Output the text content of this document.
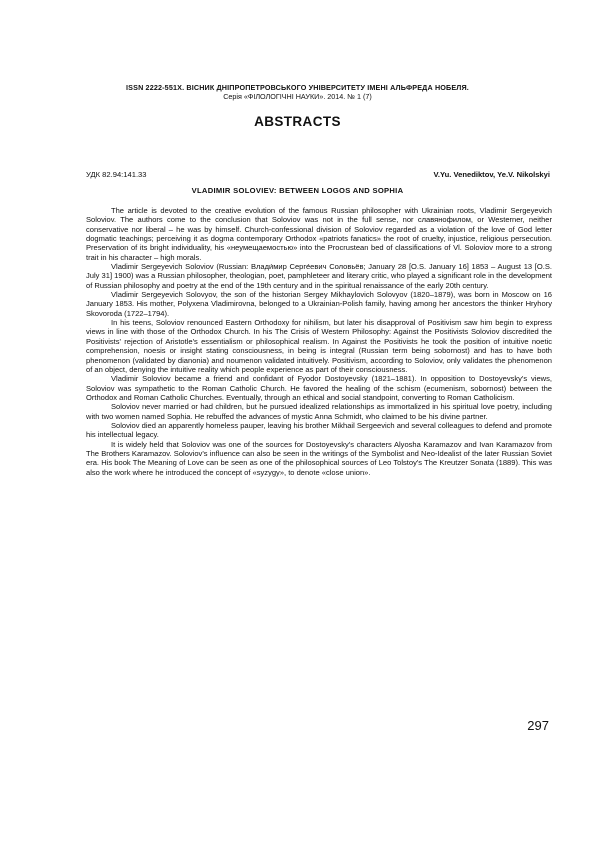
ISSN 2222-551X. ВІСНИК ДНІПРОПЕТРОВСЬКОГО УНІВЕРСИТЕТУ ІМЕНІ АЛЬФРЕДА НОБЕЛЯ.
Серія «ФІЛОЛОГІЧНІ НАУКИ». 2014. № 1 (7)
ABSTRACTS
УДК 82.94:141.33	V.Yu. Venediktov, Ye.V. Nikolskyi
VLADIMIR SOLOVIEV: BETWEEN LOGOS AND SOPHIA

The article is devoted to the creative evolution of the famous Russian philosopher with Ukrainian roots, Vladimir Sergeyevich Soloviov. The authors come to the conclusion that Soloviov was not in the full sense, nor славянофилом, or Westerner, neither conservative nor liberal – he was by himself. Church-confessional division of Soloviov regarded as a violation of the love of God letter dogmatic teachings; perceiving it as dogma contemporary Orthodox «patriots fanatics» the root of cruelty, injustice, religious persecution. Preservation of its bright individuality, his «неумещаемостью» into the Procrustean bed of classifications of Vl. Soloviov more to a strong trait in his character – high morals.

Vladimir Sergeyevich Soloviov (Russian: Влади́мир Серге́евич Соловьёв; January 28 [O.S. January 16] 1853 – August 13 [O.S. July 31] 1900) was a Russian philosopher, theologian, poet, pamphleteer and literary critic, who played a significant role in the development of Russian philosophy and poetry at the end of the 19th century and in the spiritual renaissance of the early 20th century.

Vladimir Sergeyevich Solovyov, the son of the historian Sergey Mikhaylovich Solovyov (1820–1879), was born in Moscow on 16 January 1853. His mother, Polyxena Vladimirovna, belonged to a Ukrainian-Polish family, having among her ancestors the thinker Hryhory Skovoroda (1722–1794).

In his teens, Soloviov renounced Eastern Orthodoxy for nihilism, but later his disapproval of Positivism saw him begin to express views in line with those of the Orthodox Church. In his The Crisis of Western Philosophy: Against the Positivists Soloviov discredited the Positivists' rejection of Aristotle's essentialism or philosophical realism. In Against the Positivists he took the position of intuitive noetic comprehension, noesis or insight stating consciousness, in being is integral (Russian term being sobornost) and has to have both phenomenon (validated by dianonia) and noumenon validated intuitively. Positivism, according to Soloviov, only validates the phenomenon of an object, denying the intuitive reality which people experience as part of their consciousness.

Vladimir Soloviov became a friend and confidant of Fyodor Dostoyevsky (1821–1881). In opposition to Dostoyevsky's views, Soloviov was sympathetic to the Roman Catholic Church. He favored the healing of the schism (ecumenism, sobornost) between the Orthodox and Roman Catholic Churches. Eventually, through an ethical and social standpoint, converting to Roman Catholicism.

Soloviov never married or had children, but he pursued idealized relationships as immortalized in his spiritual love poetry, including with two women named Sophia. He rebuffed the advances of mystic Anna Schmidt, who claimed to be his divine partner.

Soloviov died an apparently homeless pauper, leaving his brother Mikhail Sergeevich and several colleagues to defend and promote his intellectual legacy.

It is widely held that Soloviov was one of the sources for Dostoyevsky's characters Alyosha Karamazov and Ivan Karamazov from The Brothers Karamazov. Soloviov's influence can also be seen in the writings of the Symbolist and Neo-Idealist of the later Russian Soviet era. His book The Meaning of Love can be seen as one of the philosophical sources of Leo Tolstoy's The Kreutzer Sonata (1889). This was also the work where he introduced the concept of «syzygy», to denote «close union».

297
